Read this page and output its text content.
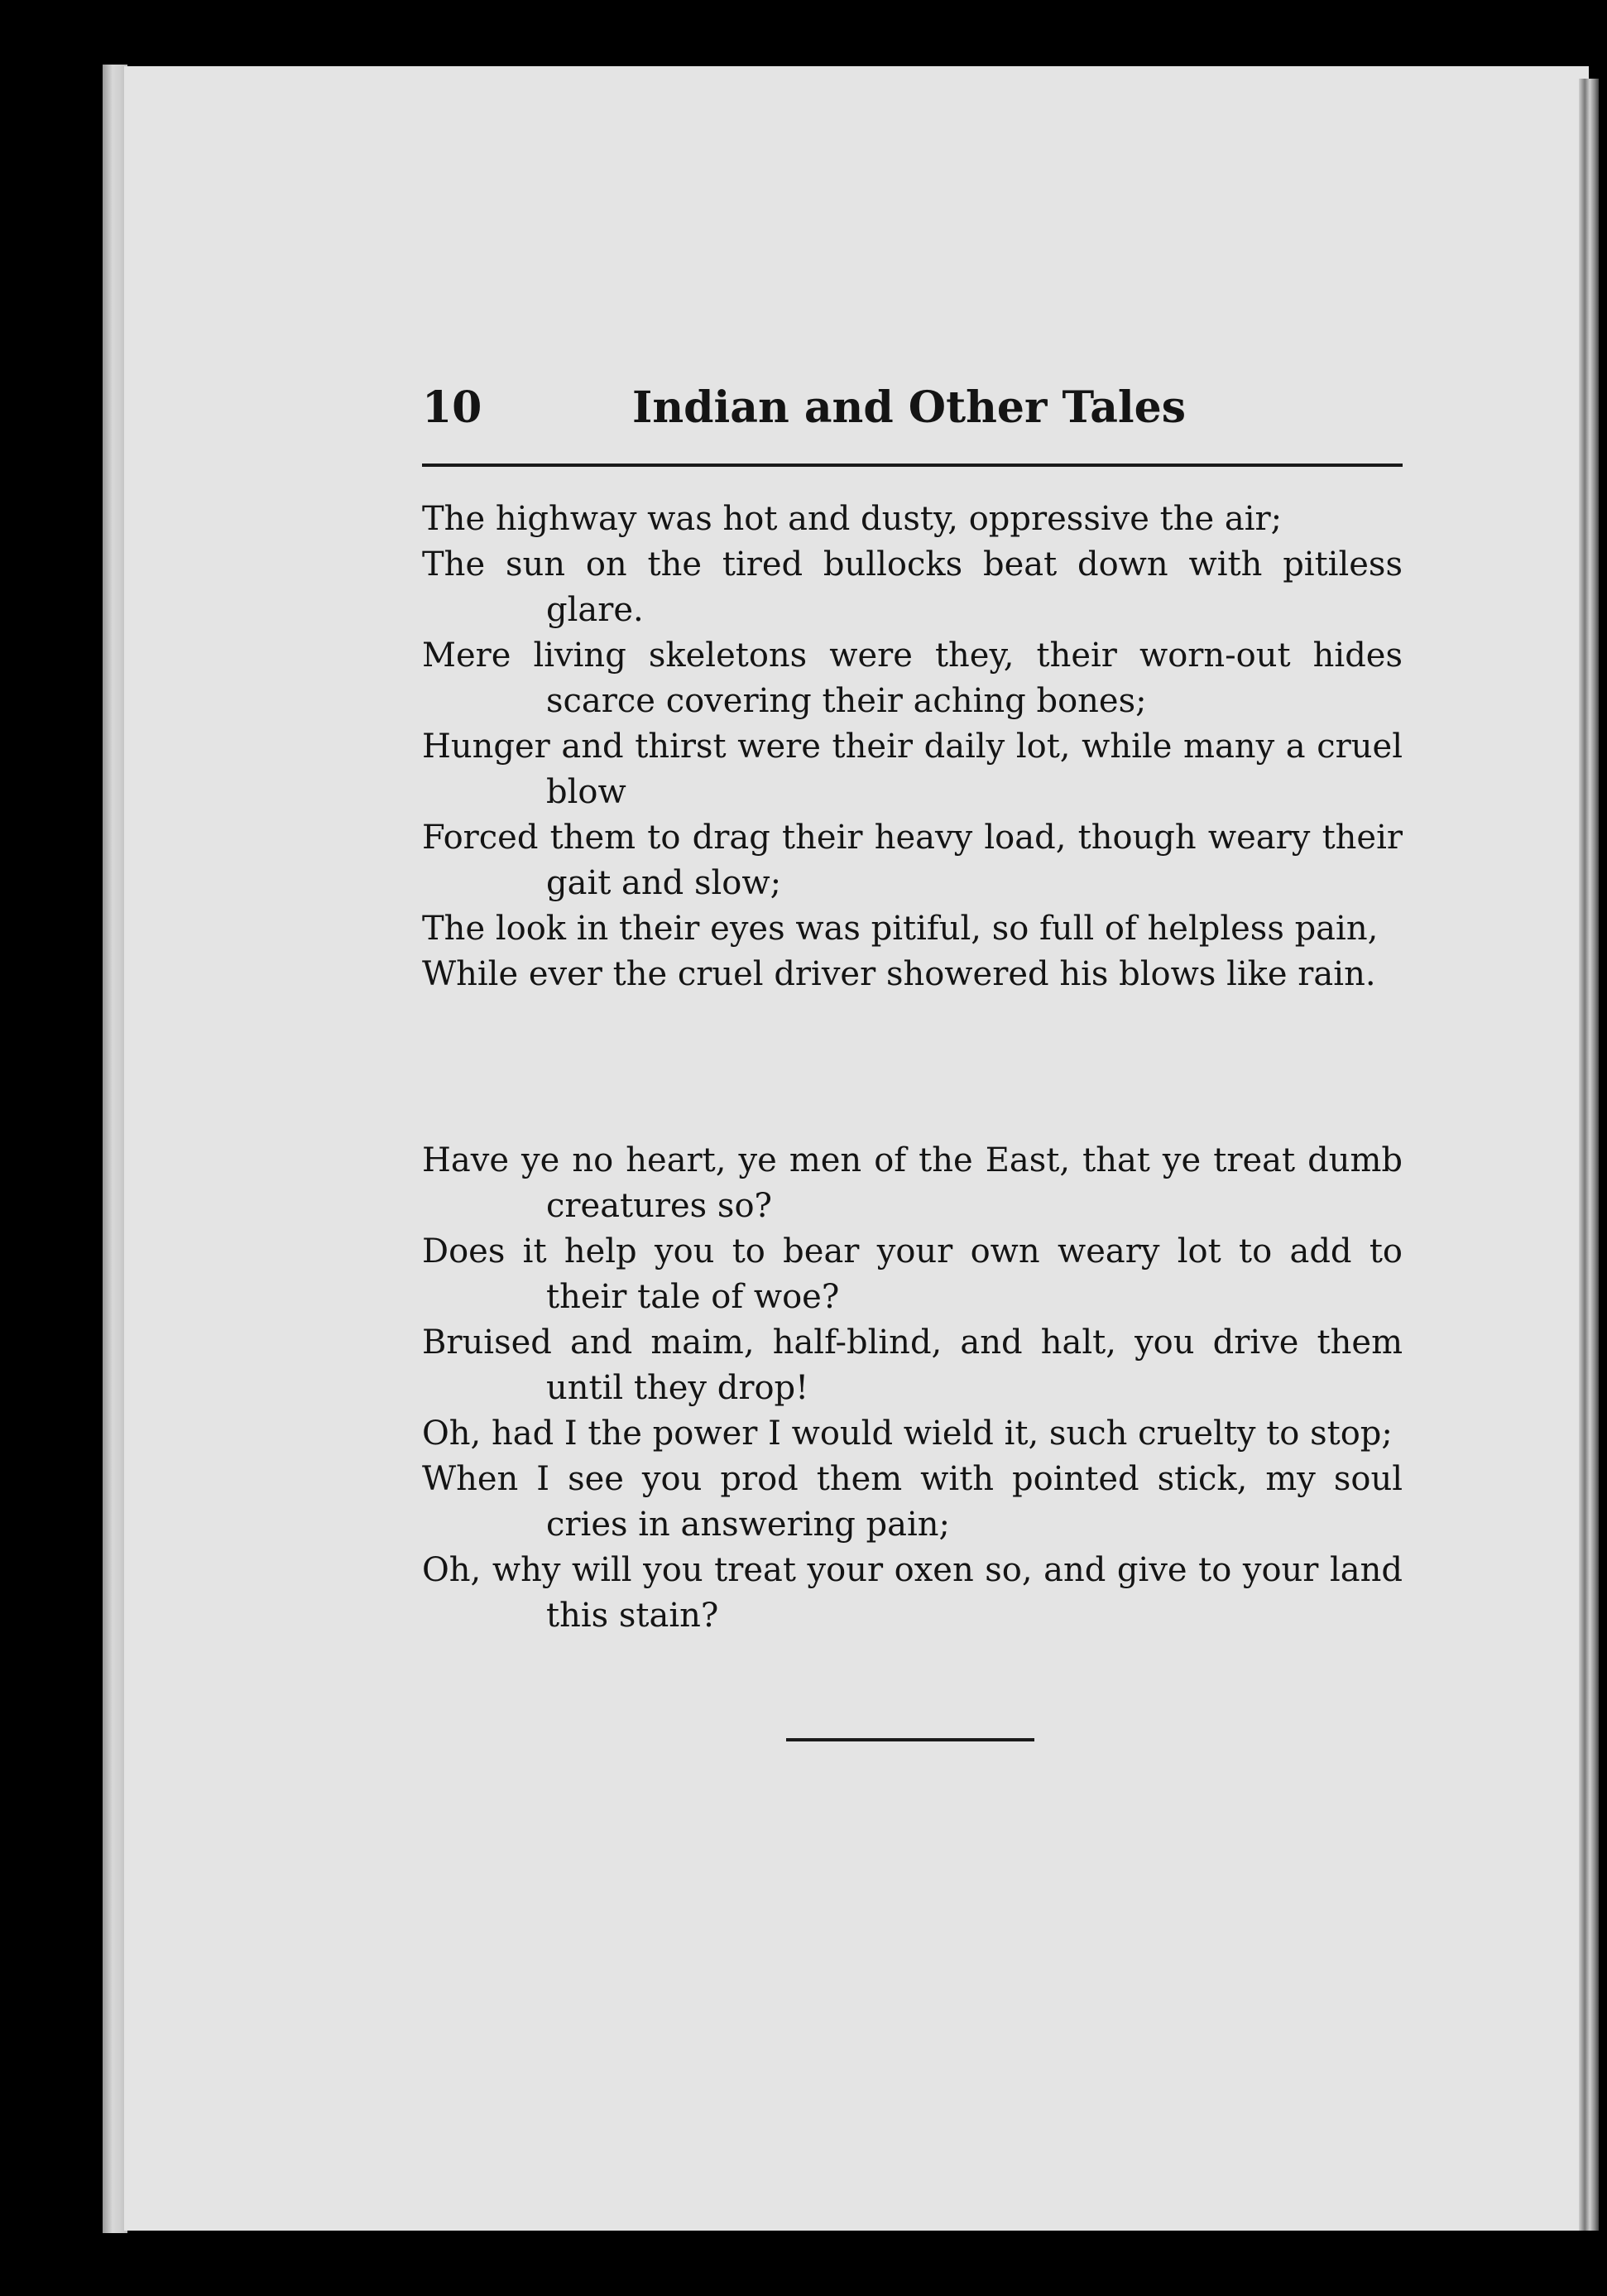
10	Indian and Other Tales

The highway was hot and dusty, oppressive the air;

The sun on the tired bullocks beat down with pitiless glare.

Mere living skeletons were they, their worn-out hides scarce covering their aching bones;

Hunger and thirst were their daily lot, while many a cruel blow

Forced them to drag their heavy load, though weary their gait and slow;

The look in their eyes was pitiful, so full of helpless pain,

While ever the cruel driver showered his blows like rain.

Have ye no heart, ye men of the East, that ye treat dumb creatures so?

Does it help you to bear your own weary lot to add to their tale of woe?

Bruised and maim, half-blind, and halt, you drive them until they drop!

Oh, had I the power I would wield it, such cruelty to stop;

When I see you prod them with pointed stick, my soul cries in answering pain;

Oh, why will you treat your oxen so, and give to your land this stain?
